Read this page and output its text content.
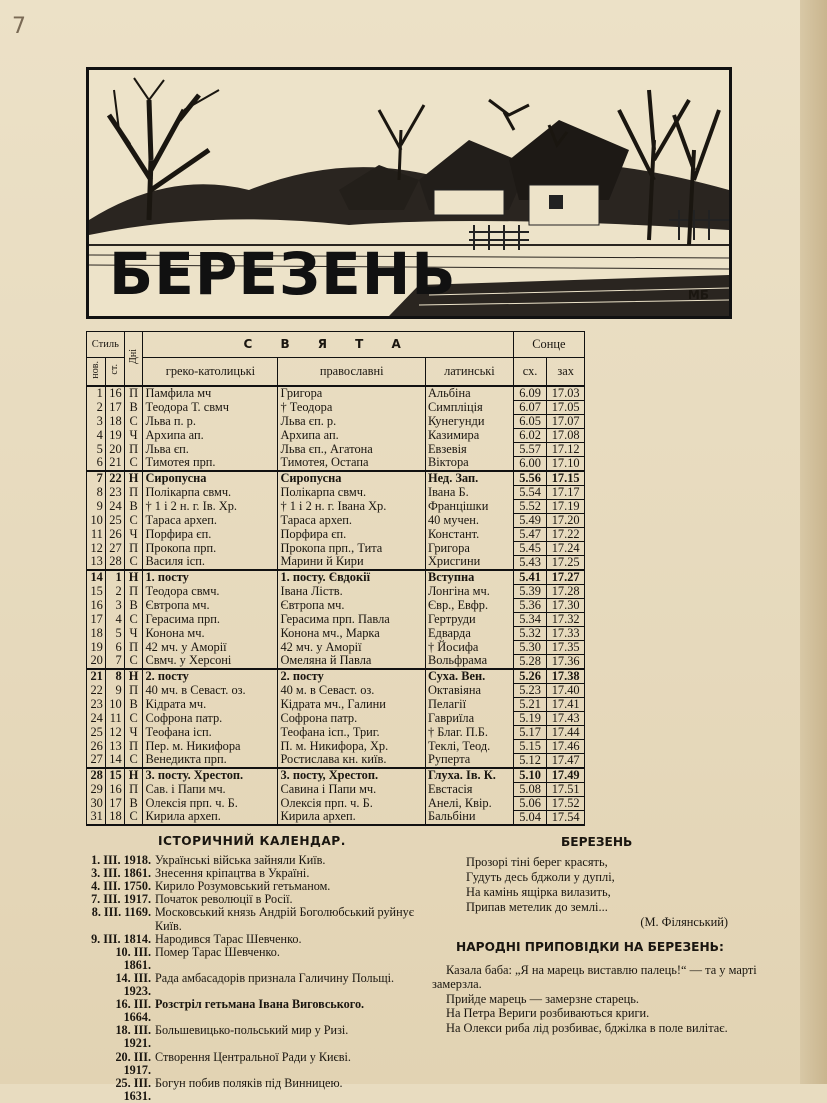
7
БЕРЕЗЕНЬ	MБ
Стиль		Дні	С В Я Т А			Сонце	
нов.	ст.		греко-католицькі	православні	латинські	сх.	зах
1	16	П	Памфила мч	Григора	Альбіна	6.09	17.03
2	17	В	Теодора Т. свмч	† Теодора	Симпліція	6.07	17.05
3	18	С	Льва п. р.	Льва єп. р.	Кунегунди	6.05	17.07
4	19	Ч	Архипа ап.	Архипа ап.	Казимира	6.02	17.08
5	20	П	Льва єп.	Льва єп., Агатона	Евзевія	5.57	17.12
6	21	С	Тимотея прп.	Тимотея, Остапа	Віктора	6.00	17.10
7	22	Н	Сиропусна	Сиропусна	Нед. Зап.	5.56	17.15
8	23	П	Полікарпа свмч.	Полікарпа свмч.	Івана Б.	5.54	17.17
9	24	В	† 1 і 2 н. г. Ів. Хр.	† 1 і 2 н. г. Івана Хр.	Францішки	5.52	17.19
10	25	С	Тараса археп.	Тараса археп.	40 мучен.	5.49	17.20
11	26	Ч	Порфира єп.	Порфира єп.	Констант.	5.47	17.22
12	27	П	Прокопа прп.	Прокопа прп., Тита	Григора	5.45	17.24
13	28	С	Василя ісп.	Марини й Кири	Хрисгини	5.43	17.25
14	1	Н	1. посту	1. посту. Євдокії	Вступна	5.41	17.27
15	2	П	Теодора свмч.	Івана Ліств.	Лонгіна мч.	5.39	17.28
16	3	В	Євтропа мч.	Євтропа мч.	Євр., Евфр.	5.36	17.30
17	4	С	Герасима прп.	Герасима прп. Павла	Гертруди	5.34	17.32
18	5	Ч	Конона мч.	Конона мч., Марка	Едварда	5.32	17.33
19	6	П	42 мч. у Аморії	42 мч. у Аморії	† Йосифа	5.30	17.35
20	7	С	Свмч. у Херсоні	Омеляна й Павла	Вольфрама	5.28	17.36
21	8	Н	2. посту	2. посту	Суха. Вен.	5.26	17.38
22	9	П	40 мч. в Севаст. оз.	40 м. в Севаст. оз.	Октавіяна	5.23	17.40
23	10	В	Кідрата мч.	Кідрата мч., Галини	Пелагії	5.21	17.41
24	11	С	Софрона патр.	Софрона патр.	Гавриїла	5.19	17.43
25	12	Ч	Теофана ісп.	Теофана ісп., Триг.	† Благ. П.Б.	5.17	17.44
26	13	П	Пер. м. Никифора	П. м. Никифора, Хр.	Теклі, Теод.	5.15	17.46
27	14	С	Венедикта прп.	Ростислава кн. київ.	Руперта	5.12	17.47
28	15	Н	3. посту. Хрестоп.	3. посту, Хрестоп.	Глуха. Ів. К.	5.10	17.49
29	16	П	Сав. і Папи мч.	Савина і Папи мч.	Евстасія	5.08	17.51
30	17	В	Олексія прп. ч. Б.	Олексія прп. ч. Б.	Анелі, Квір.	5.06	17.52
31	18	С	Кирила археп.	Кирила археп.	Бальбіни	5.04	17.54
ІСТОРИЧНИЙ КАЛЕНДАР.
1. III. 1918. Українські війська зайняли Київ.
3. III. 1861. Знесення кріпацтва в Україні.
4. III. 1750. Кирило Розумовський гетьманом.
7. III. 1917. Початок революції в Росії.
8. III. 1169. Московський князь Андрій Боголюбський руйнує Київ.
9. III. 1814. Народився Тарас Шевченко.
10. III. 1861.
Помер Тарас Шевченко.
14. III. 1923.
Рада амбасадорів признала Галичину Польщі.
16. III. 1664.
Розстріл гетьмана Івана Виговського.
18. III. 1921.
Большевицько-польський мир у Ризі.
20. III. 1917.
Створення Центральної Ради у Києві.
25. III. 1631.
Богун побив поляків під Винницею.
БЕРЕЗЕНЬ
Прозорі тіні берег красять,
Гудуть десь бджоли у дуплі,
На камінь ящірка вилазить,
Припав метелик до землі...
(М. Філянський)
НАРОДНІ ПРИПОВІДКИ НА БЕРЕЗЕНЬ:

Казала баба: „Я на марець виставлю палець!“ — та у марті замерзла.

Прийде марець — замерзне старець.

На Петра Вериги розбиваються криги.

На Олекси риба лід розбиває, бджілка в поле вилітає.
